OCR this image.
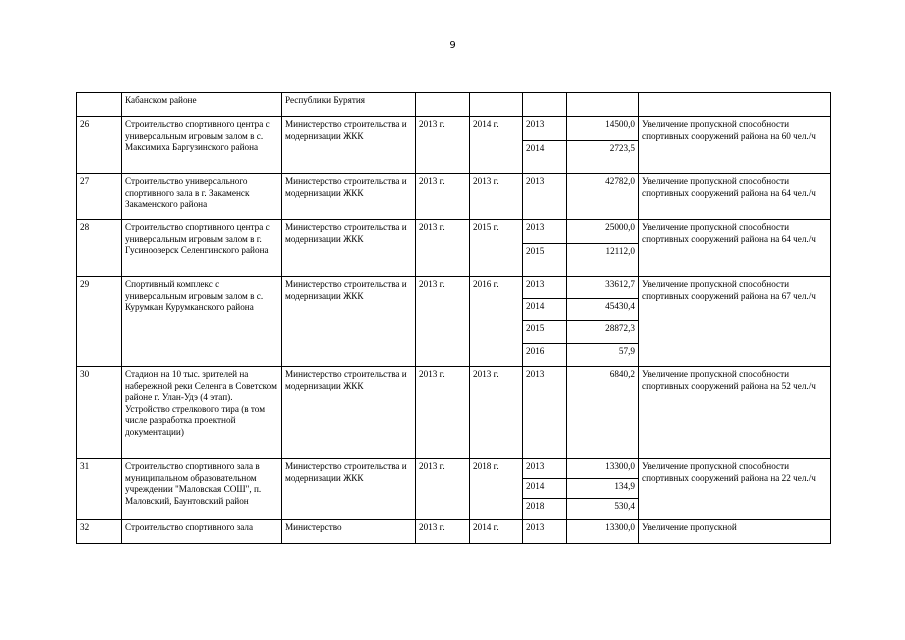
9
	Кабанском районе	Республики Бурятия					
26	Строительство спортивного центра с универсальным игровым залом в с. Максимиха Баргузинского района	Министерство строительства и модернизации ЖКК	2013 г.	2014 г.	2013	14500,0	Увеличение пропускной способности спортивных сооружений района на 60 чел./ч
					2014	2723,5	
27	Строительство универсального спортивного зала в г. Закаменск Закаменского района	Министерство строительства и модернизации ЖКК	2013 г.	2013 г.	2013	42782,0	Увеличение пропускной способности спортивных сооружений района на 64 чел./ч
28	Строительство спортивного центра с универсальным игровым залом в г. Гусиноозерск Селенгинского района	Министерство строительства и модернизации ЖКК	2013 г.	2015 г.	2013	25000,0	Увеличение пропускной способности спортивных сооружений района на 64 чел./ч
					2015	12112,0	
29	Спортивный комплекс с универсальным игровым залом в с. Курумкан Курумканского района	Министерство строительства и модернизации ЖКК	2013 г.	2016 г.	2013	33612,7	Увеличение пропускной способности спортивных сооружений района на 67 чел./ч
					2014	45430,4	
					2015	28872,3	
					2016	57,9	
30	Стадион на 10 тыс. зрителей на набережной реки Селенга в Советском районе г. Улан-Удэ (4 этап). Устройство стрелкового тира (в том числе разработка проектной документации)	Министерство строительства и модернизации ЖКК	2013 г.	2013 г.	2013	6840,2	Увеличение пропускной способности спортивных сооружений района на 52 чел./ч
31	Строительство спортивного зала в муниципальном образовательном учреждении "Маловская СОШ", п. Маловский, Баунтовский район	Министерство строительства и модернизации ЖКК	2013 г.	2018 г.	2013	13300,0	Увеличение пропускной способности спортивных сооружений района на 22 чел./ч
					2014	134,9	
					2018	530,4	
32	Строительство спортивного зала	Министерство	2013 г.	2014 г.	2013	13300,0	Увеличение пропускной
